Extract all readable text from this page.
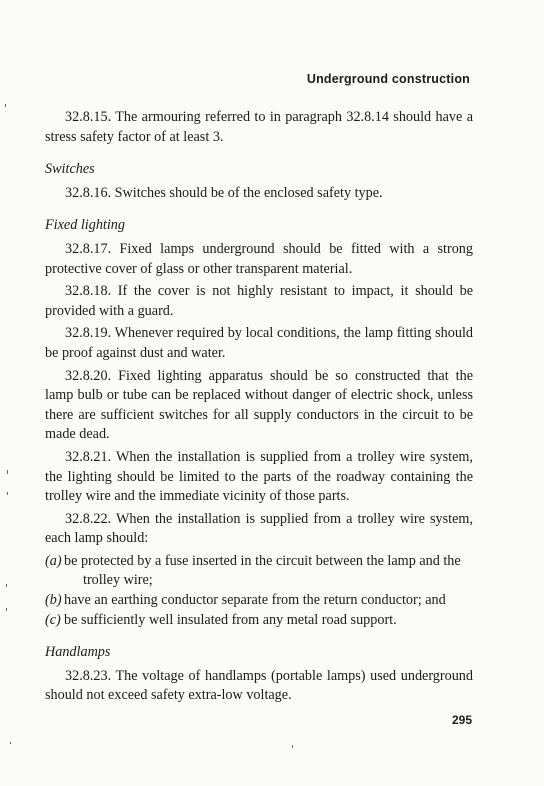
Underground construction

32.8.15. The armouring referred to in paragraph 32.8.14 should have a stress safety factor of at least 3.

Switches

32.8.16. Switches should be of the enclosed safety type.

Fixed lighting

32.8.17. Fixed lamps underground should be fitted with a strong protective cover of glass or other transparent material.

32.8.18. If the cover is not highly resistant to impact, it should be provided with a guard.

32.8.19. Whenever required by local conditions, the lamp fitting should be proof against dust and water.

32.8.20. Fixed lighting apparatus should be so constructed that the lamp bulb or tube can be replaced without danger of electric shock, unless there are sufficient switches for all supply conductors in the circuit to be made dead.

32.8.21. When the installation is supplied from a trolley wire system, the lighting should be limited to the parts of the roadway containing the trolley wire and the immediate vicinity of those parts.

32.8.22. When the installation is supplied from a trolley wire system, each lamp should:

(a) be protected by a fuse inserted in the circuit between the lamp and the trolley wire;

(b) have an earthing conductor separate from the return conductor; and

(c) be sufficiently well insulated from any metal road support.

Handlamps

32.8.23. The voltage of handlamps (portable lamps) used underground should not exceed safety extra-low voltage.

295
